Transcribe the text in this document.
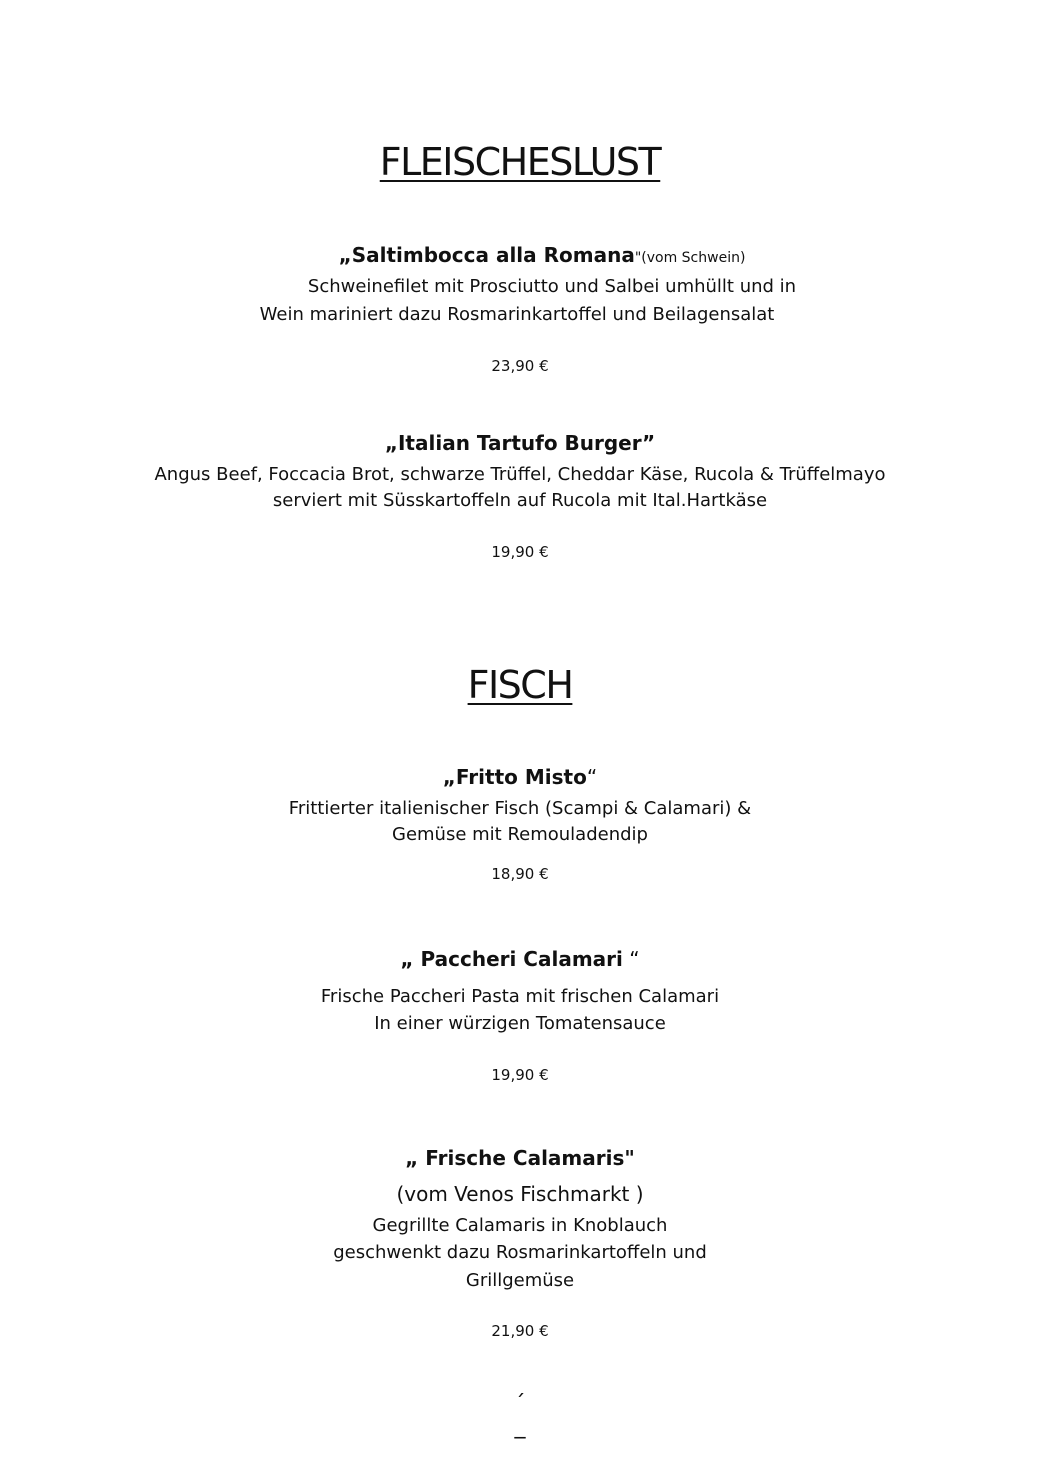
FLEISCHESLUST
„Saltimbocca alla Romana"(vom Schwein)
Schweinefilet mit Prosciutto und Salbei umhüllt und in
Wein mariniert dazu Rosmarinkartoffel und Beilagensalat
23,90 €
„Italian Tartufo Burger”
Angus Beef, Foccacia Brot, schwarze Trüffel, Cheddar Käse, Rucola & Trüffelmayo
serviert mit Süsskartoffeln auf Rucola mit Ital.Hartkäse
19,90 €
FISCH
„Fritto Misto“
Frittierter italienischer Fisch (Scampi & Calamari) &
Gemüse mit Remouladendip
18,90 €
„ Paccheri Calamari “
Frische Paccheri Pasta mit frischen Calamari
In einer würzigen Tomatensauce
19,90 €
„ Frische Calamaris"
(vom Venos Fischmarkt )
Gegrillte Calamaris in Knoblauch
geschwenkt dazu Rosmarinkartoffeln und
Grillgemüse
21,90 €
´
_
